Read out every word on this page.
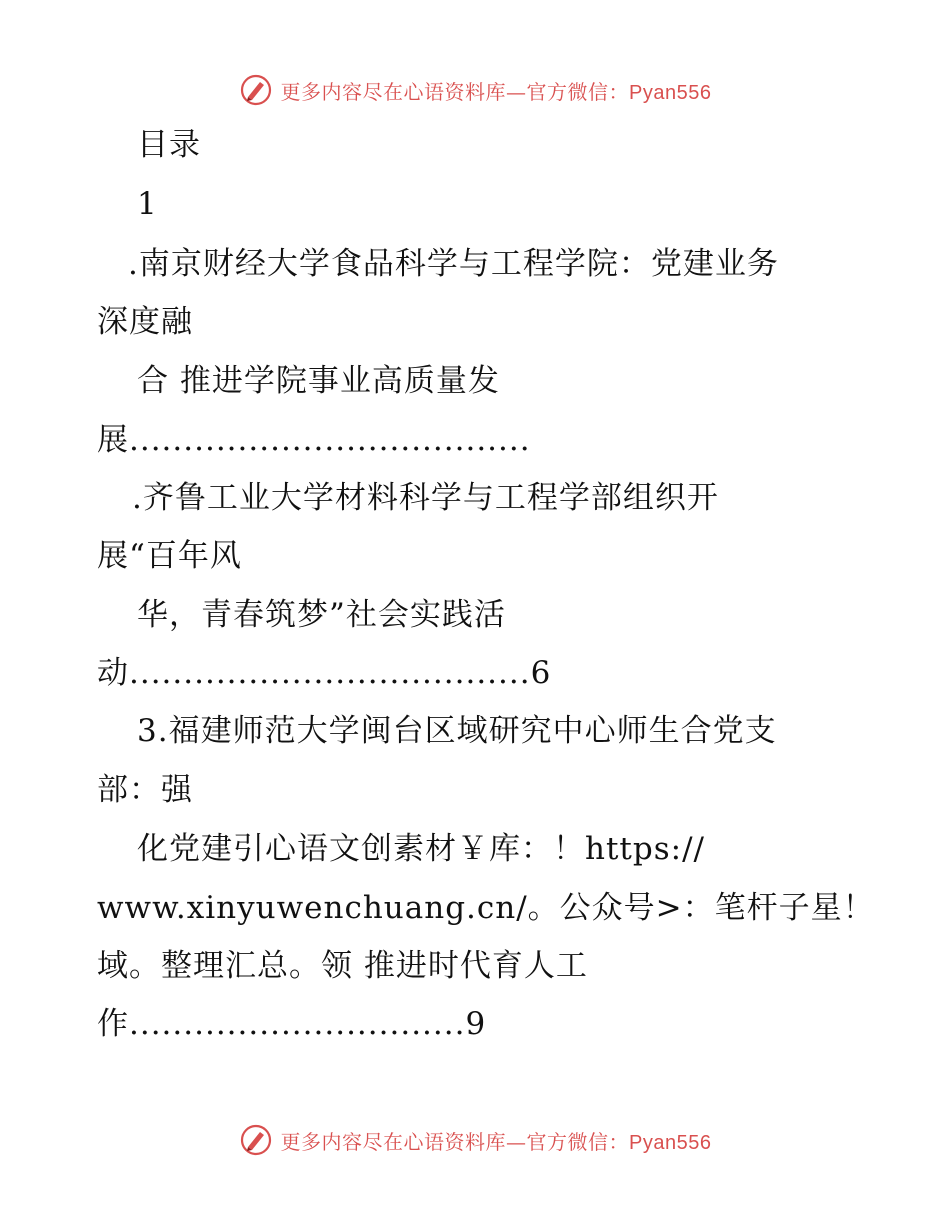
更多内容尽在心语资料库—官方微信：Pyan556
目录
1
.南京财经大学食品科学与工程学院：党建业务
深度融
合 推进学院事业高质量发
展.....................................
.齐鲁工业大学材料科学与工程学部组织开
展“百年风
华，青春筑梦”社会实践活
动.....................................6
3.福建师范大学闽台区域研究中心师生合党支
部：强
化党建引心语文创素材￥库：！https://
www.xinyuwenchuang.cn/。公众号>：笔杆子星！
域。整理汇总。领 推进时代育人工
作...............................9
更多内容尽在心语资料库—官方微信：Pyan556
